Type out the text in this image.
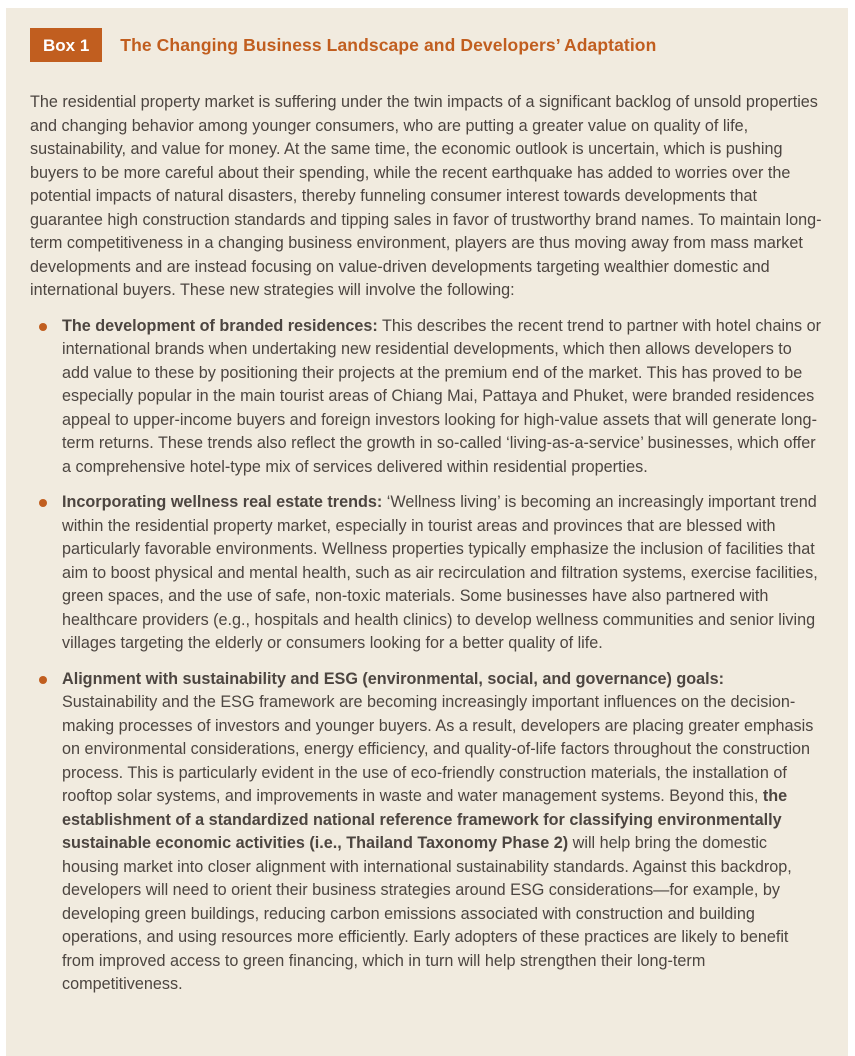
Box 1	The Changing Business Landscape and Developers’ Adaptation

The residential property market is suffering under the twin impacts of a significant backlog of unsold properties and changing behavior among younger consumers, who are putting a greater value on quality of life, sustainability, and value for money. At the same time, the economic outlook is uncertain, which is pushing buyers to be more careful about their spending, while the recent earthquake has added to worries over the potential impacts of natural disasters, thereby funneling consumer interest towards developments that guarantee high construction standards and tipping sales in favor of trustworthy brand names. To maintain long-term competitiveness in a changing business environment, players are thus moving away from mass market developments and are instead focusing on value-driven developments targeting wealthier domestic and international buyers. These new strategies will involve the following:

The development of branded residences: This describes the recent trend to partner with hotel chains or international brands when undertaking new residential developments, which then allows developers to add value to these by positioning their projects at the premium end of the market. This has proved to be especially popular in the main tourist areas of Chiang Mai, Pattaya and Phuket, were branded residences appeal to upper-income buyers and foreign investors looking for high-value assets that will generate long-term returns. These trends also reflect the growth in so-called ‘living-as-a-service’ businesses, which offer a comprehensive hotel-type mix of services delivered within residential properties.
Incorporating wellness real estate trends: ‘Wellness living’ is becoming an increasingly important trend within the residential property market, especially in tourist areas and provinces that are blessed with particularly favorable environments. Wellness properties typically emphasize the inclusion of facilities that aim to boost physical and mental health, such as air recirculation and filtration systems, exercise facilities, green spaces, and the use of safe, non-toxic materials. Some businesses have also partnered with healthcare providers (e.g., hospitals and health clinics) to develop wellness communities and senior living villages targeting the elderly or consumers looking for a better quality of life.
Alignment with sustainability and ESG (environmental, social, and governance) goals: Sustainability and the ESG framework are becoming increasingly important influences on the decision-making processes of investors and younger buyers. As a result, developers are placing greater emphasis on environmental considerations, energy efficiency, and quality-of-life factors throughout the construction process. This is particularly evident in the use of eco-friendly construction materials, the installation of rooftop solar systems, and improvements in waste and water management systems. Beyond this, the establishment of a standardized national reference framework for classifying environmentally sustainable economic activities (i.e., Thailand Taxonomy Phase 2) will help bring the domestic housing market into closer alignment with international sustainability standards. Against this backdrop, developers will need to orient their business strategies around ESG considerations—for example, by developing green buildings, reducing carbon emissions associated with construction and building operations, and using resources more efficiently. Early adopters of these practices are likely to benefit from improved access to green financing, which in turn will help strengthen their long-term competitiveness.
